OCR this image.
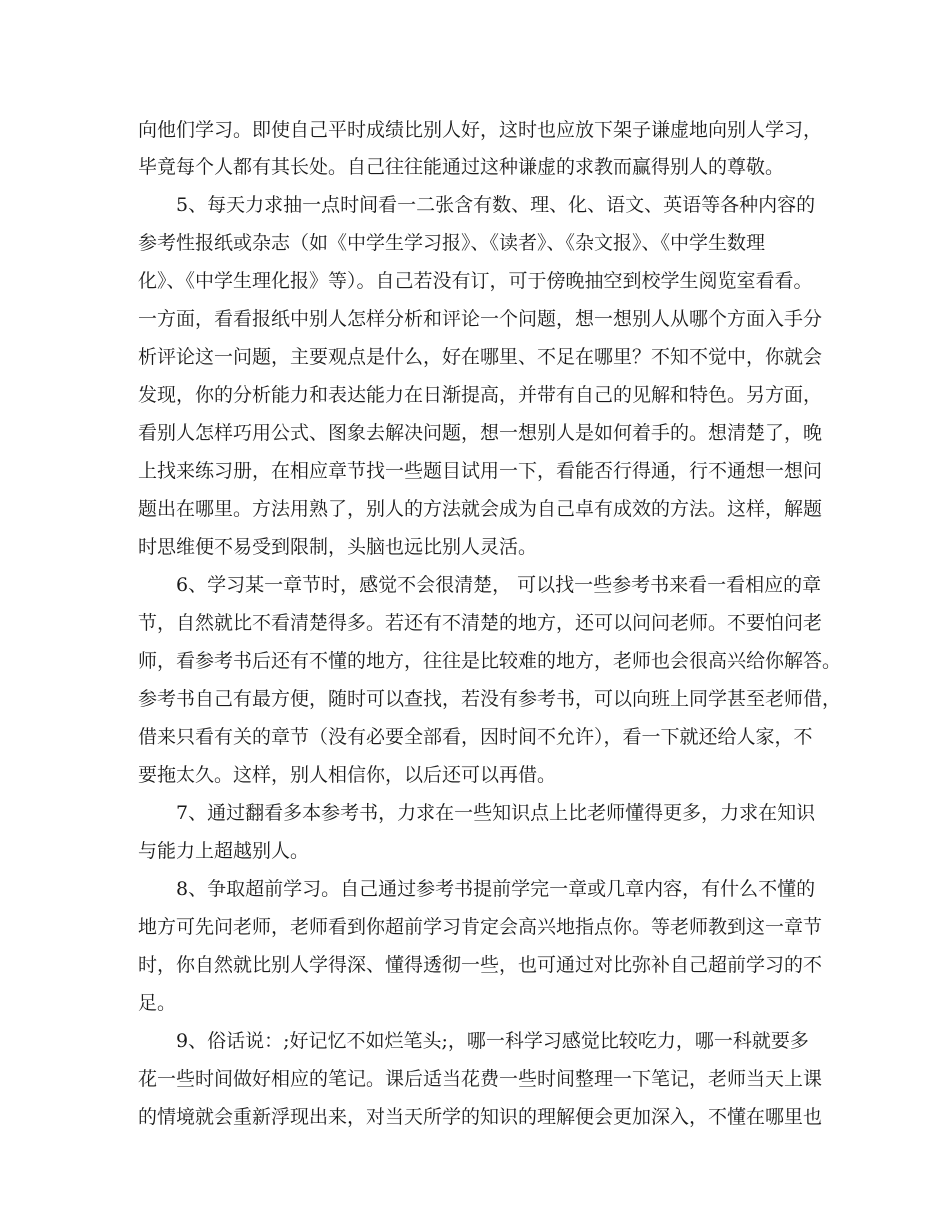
向他们学习。即使自己平时成绩比别人好，这时也应放下架子谦虚地向别人学习，
毕竟每个人都有其长处。自己往往能通过这种谦虚的求教而赢得别人的尊敬。
5、每天力求抽一点时间看一二张含有数、理、化、语文、英语等各种内容的
参考性报纸或杂志（如《中学生学习报》、《读者》、《杂文报》、《中学生数理
化》、《中学生理化报》等）。自己若没有订，可于傍晚抽空到校学生阅览室看看。
一方面，看看报纸中别人怎样分析和评论一个问题，想一想别人从哪个方面入手分
析评论这一问题，主要观点是什么，好在哪里、不足在哪里？不知不觉中，你就会
发现，你的分析能力和表达能力在日渐提高，并带有自己的见解和特色。另方面，
看别人怎样巧用公式、图象去解决问题，想一想别人是如何着手的。想清楚了，晚
上找来练习册，在相应章节找一些题目试用一下，看能否行得通，行不通想一想问
题出在哪里。方法用熟了，别人的方法就会成为自己卓有成效的方法。这样，解题
时思维便不易受到限制，头脑也远比别人灵活。
6、学习某一章节时，感觉不会很清楚， 可以找一些参考书来看一看相应的章
节，自然就比不看清楚得多。若还有不清楚的地方，还可以问问老师。不要怕问老
师，看参考书后还有不懂的地方，往往是比较难的地方，老师也会很高兴给你解答。
参考书自己有最方便，随时可以查找，若没有参考书，可以向班上同学甚至老师借，
借来只看有关的章节（没有必要全部看，因时间不允许），看一下就还给人家，不
要拖太久。这样，别人相信你，以后还可以再借。
7、通过翻看多本参考书，力求在一些知识点上比老师懂得更多，力求在知识
与能力上超越别人。
8、争取超前学习。自己通过参考书提前学完一章或几章内容，有什么不懂的
地方可先问老师，老师看到你超前学习肯定会高兴地指点你。等老师教到这一章节
时，你自然就比别人学得深、懂得透彻一些，也可通过对比弥补自己超前学习的不
足。
9、俗话说：;好记忆不如烂笔头;，哪一科学习感觉比较吃力，哪一科就要多
花一些时间做好相应的笔记。课后适当花费一些时间整理一下笔记，老师当天上课
的情境就会重新浮现出来，对当天所学的知识的理解便会更加深入，不懂在哪里也
